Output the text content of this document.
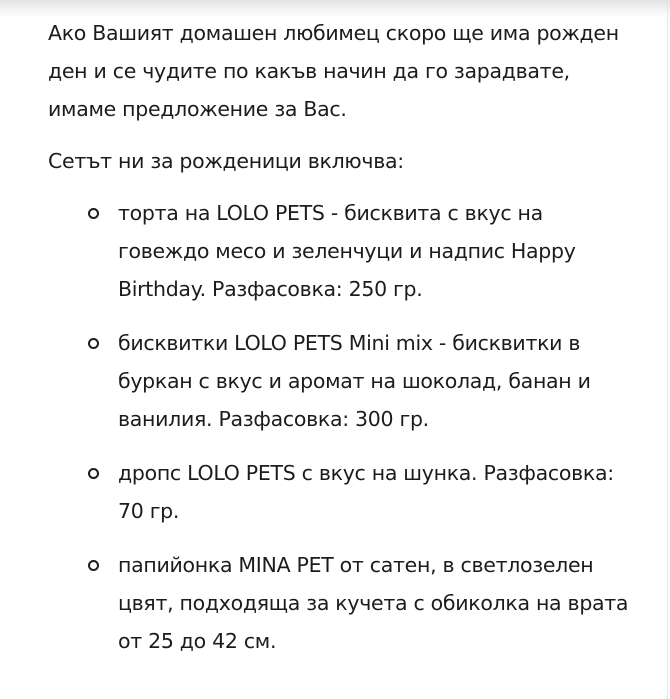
Ако Вашият домашен любимец скоро ще има рожден ден и се чудите по какъв начин да го зарадвате, имаме предложение за Вас.

Сетът ни за рожденици включва:

торта на LOLO PETS - бисквита с вкус на говеждо месо и зеленчуци и надпис Happy Birthday. Разфасовка: 250 гр.
бисквитки LOLO PETS Mini mix - бисквитки в буркан с вкус и аромат на шоколад, банан и ванилия. Разфасовка: 300 гр.
дропс LOLO PETS с вкус на шунка. Разфасовка: 70 гр.
папийонка MINA PET от сатен, в светлозелен цвят, подходяща за кучета с обиколка на врата от 25 до 42 см.
